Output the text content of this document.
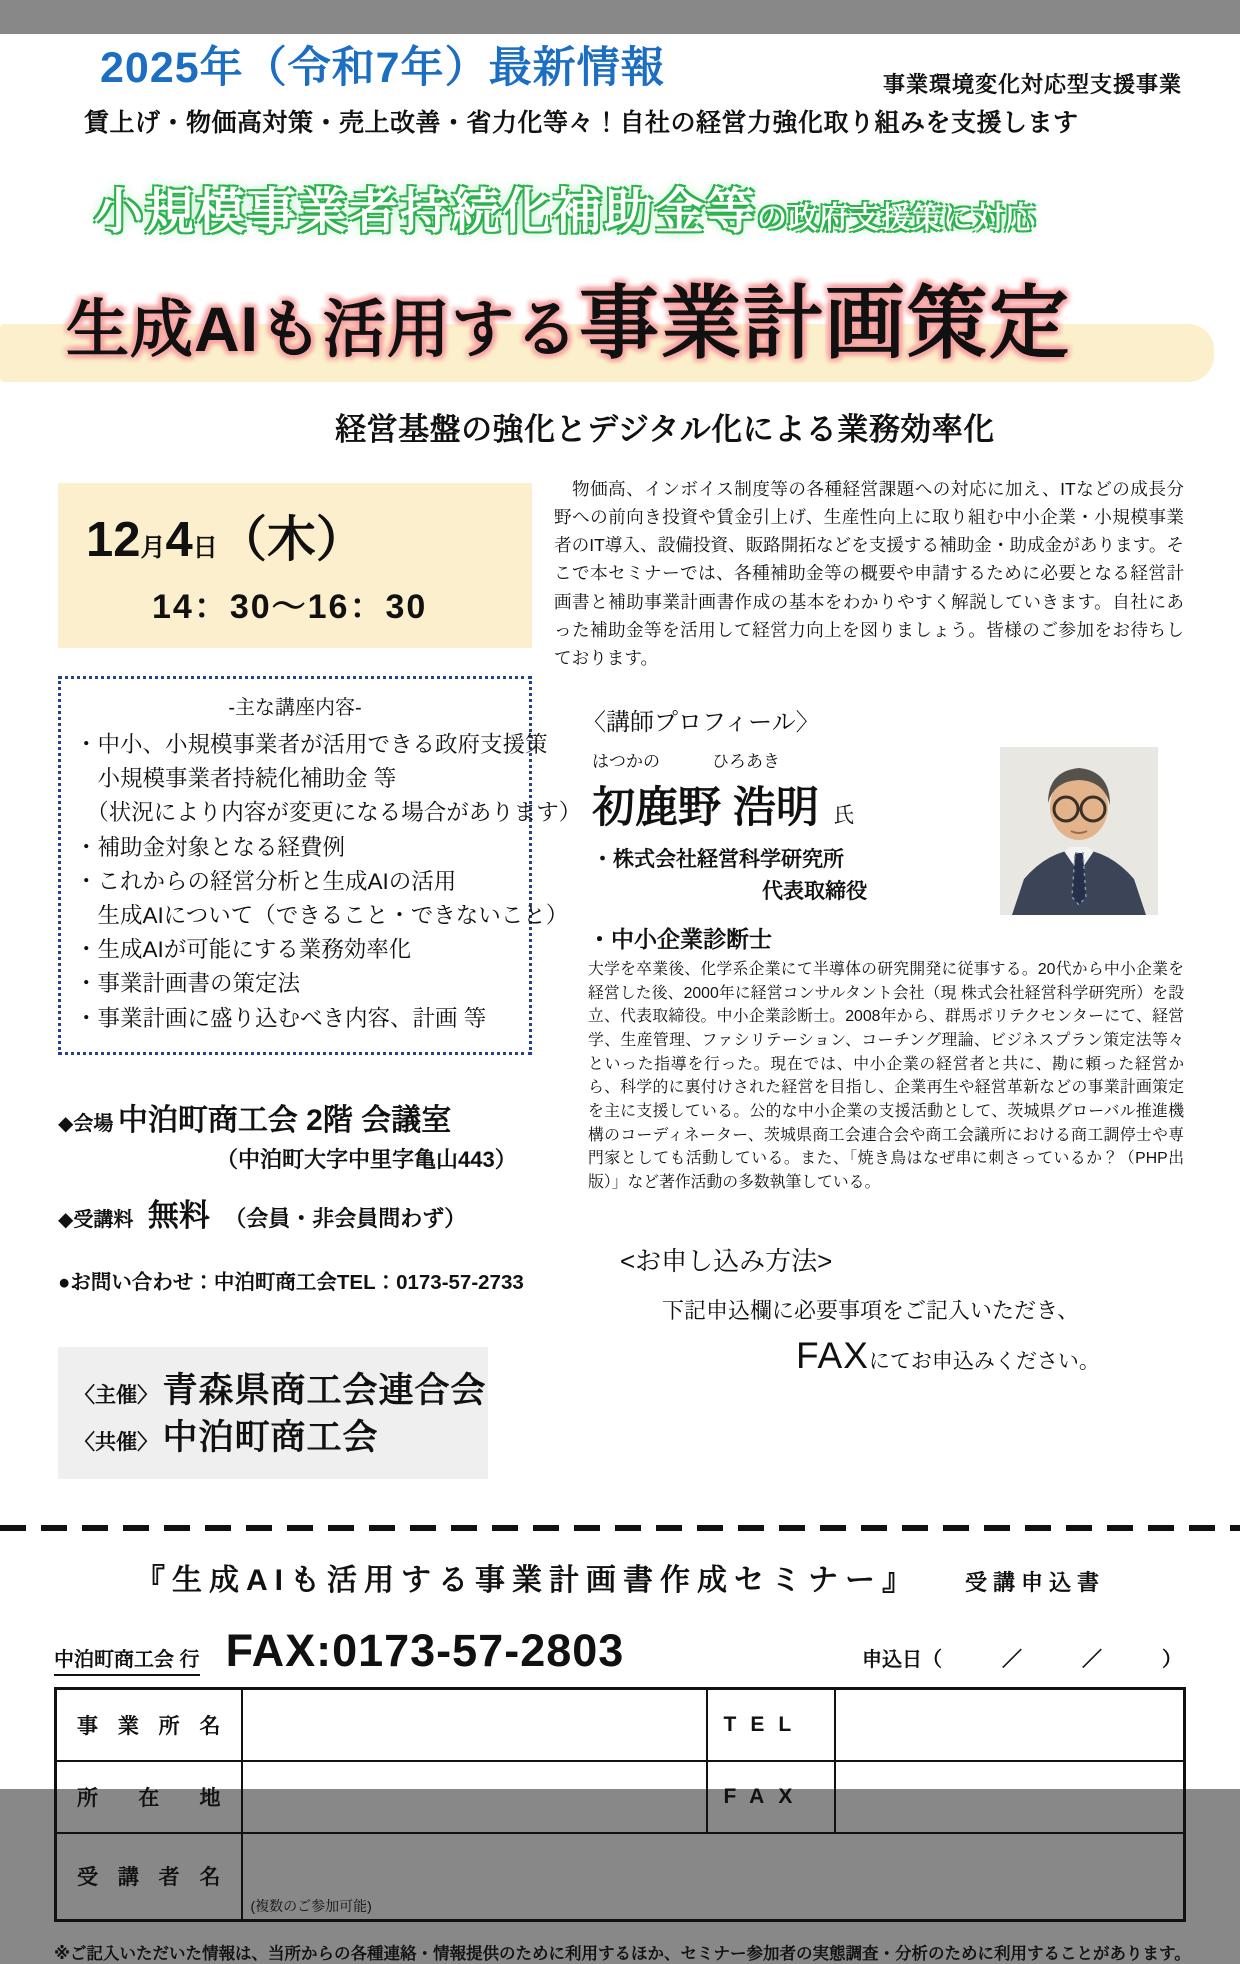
事業環境変化対応型支援事業
2025年（令和7年）最新情報
賃上げ・物価高対策・売上改善・省力化等々！自社の経営力強化取り組みを支援します
小規模事業者持続化補助金等の政府支援策に対応
生成AIも活用する事業計画策定
経営基盤の強化とデジタル化による業務効率化
12月4日（木）
14：30～16：30
-主な講座内容-
・中小、小規模事業者が活用できる政府支援策
　小規模事業者持続化補助金 等
　（状況により内容が変更になる場合があります）
・補助金対象となる経費例
・これからの経営分析と生成AIの活用
　生成AIについて（できること・できないこと）
・生成AIが可能にする業務効率化
・事業計画書の策定法
・事業計画に盛り込むべき内容、計画 等
◆会場 中泊町商工会 2階 会議室
（中泊町大字中里字亀山443）
◆受講料 無料 （会員・非会員問わず）
●お問い合わせ：中泊町商工会TEL：0173-57-2733
〈主催〉 青森県商工会連合会
〈共催〉 中泊町商工会
　物価高、インボイス制度等の各種経営課題への対応に加え、ITなどの成長分野への前向き投資や賃金引上げ、生産性向上に取り組む中小企業・小規模事業者のIT導入、設備投資、販路開拓などを支援する補助金・助成金があります。そこで本セミナーでは、各種補助金等の概要や申請するために必要となる経営計画書と補助事業計画書作成の基本をわかりやすく解説していきます。自社にあった補助金等を活用して経営力向上を図りましょう。皆様のご参加をお待ちしております。
〈講師プロフィール〉
はつかの	ひろあき
初鹿野 浩明 氏
・株式会社経営科学研究所
代表取締役
・中小企業診断士
大学を卒業後、化学系企業にて半導体の研究開発に従事する。20代から中小企業を経営した後、2000年に経営コンサルタント会社（現 株式会社経営科学研究所）を設立、代表取締役。中小企業診断士。2008年から、群馬ポリテクセンターにて、経営学、生産管理、ファシリテーション、コーチング理論、ビジネスプラン策定法等々といった指導を行った。現在では、中小企業の経営者と共に、勘に頼った経営から、科学的に裏付けされた経営を目指し、企業再生や経営革新などの事業計画策定を主に支援している。公的な中小企業の支援活動として、茨城県グローバル推進機構のコーディネーター、茨城県商工会連合会や商工会議所における商工調停士や専門家としても活動している。また、「焼き鳥はなぜ串に刺さっているか？（PHP出版）」など著作活動の多数執筆している。
<お申し込み方法>
下記申込欄に必要事項をご記入いただき、
FAXにてお申込みください。
『生成AIも活用する事業計画書作成セミナー』 受講申込書
中泊町商工会 行 FAX:0173-57-2803	申込日（　　　／　　　／　　　）
事業所名		TEL	
所在地		FAX	
受講者名	(複数のご参加可能)		
※ご記入いただいた情報は、当所からの各種連絡・情報提供のために利用するほか、セミナー参加者の実態調査・分析のために利用することがあります。
